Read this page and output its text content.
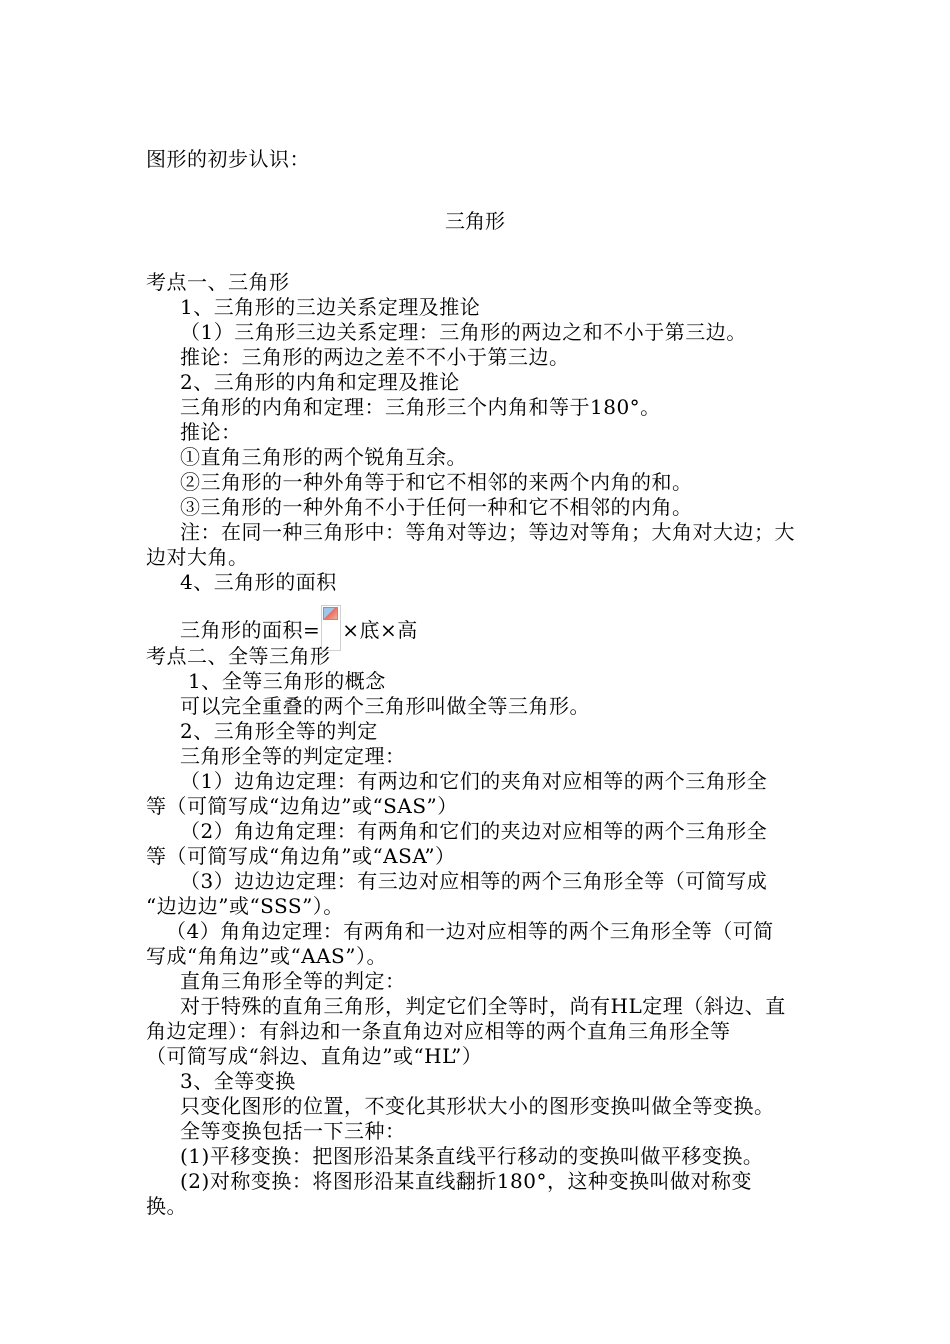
图形的初步认识：
三角形
考点一、三角形
1、三角形的三边关系定理及推论
（1）三角形三边关系定理：三角形的两边之和不小于第三边。
推论：三角形的两边之差不不小于第三边。
2、三角形的内角和定理及推论
三角形的内角和定理：三角形三个内角和等于180°。
推论：
①直角三角形的两个锐角互余。
②三角形的一种外角等于和它不相邻的来两个内角的和。
③三角形的一种外角不小于任何一种和它不相邻的内角。
注：在同一种三角形中：等角对等边；等边对等角；大角对大边；大
边对大角。
4、三角形的面积
三角形的面积= ×底×高
考点二、全等三角形
1、全等三角形的概念
可以完全重叠的两个三角形叫做全等三角形。
2、三角形全等的判定
三角形全等的判定定理：
（1）边角边定理：有两边和它们的夹角对应相等的两个三角形全
等（可简写成“边角边”或“SAS”）
（2）角边角定理：有两角和它们的夹边对应相等的两个三角形全
等（可简写成“角边角”或“ASA”）
（3）边边边定理：有三边对应相等的两个三角形全等（可简写成
“边边边”或“SSS”）。
（4）角角边定理：有两角和一边对应相等的两个三角形全等（可简
写成“角角边”或“AAS”）。
直角三角形全等的判定：
对于特殊的直角三角形，判定它们全等时，尚有HL定理（斜边、直
角边定理）：有斜边和一条直角边对应相等的两个直角三角形全等
（可简写成“斜边、直角边”或“HL”）
3、全等变换
只变化图形的位置，不变化其形状大小的图形变换叫做全等变换。
全等变换包括一下三种：
(1)平移变换：把图形沿某条直线平行移动的变换叫做平移变换。
(2)对称变换：将图形沿某直线翻折180°，这种变换叫做对称变
换。
